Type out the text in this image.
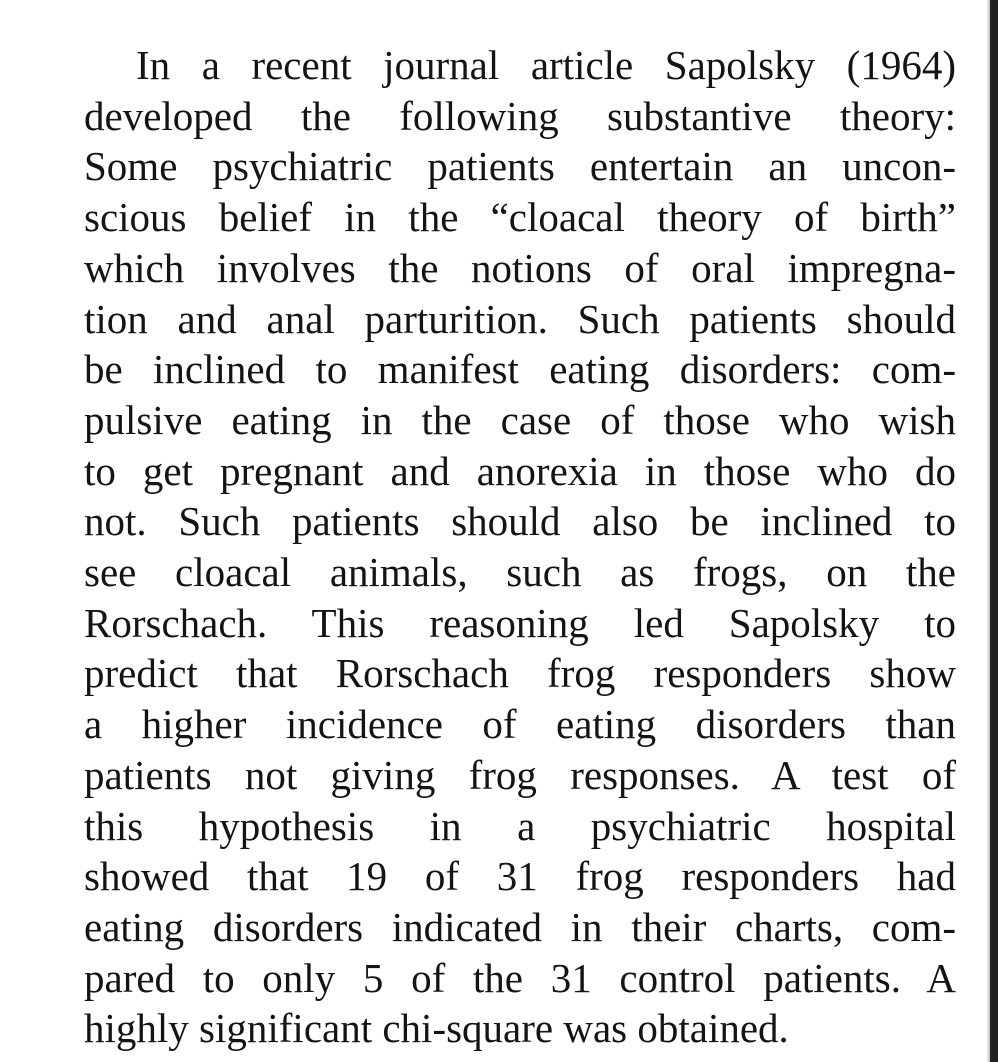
In a recent journal article Sapolsky (1964)
developed the following substantive theory:
Some psychiatric patients entertain an uncon-
scious belief in the “cloacal theory of birth”
which involves the notions of oral impregna-
tion and anal parturition. Such patients should
be inclined to manifest eating disorders: com-
pulsive eating in the case of those who wish
to get pregnant and anorexia in those who do
not. Such patients should also be inclined to
see cloacal animals, such as frogs, on the
Rorschach. This reasoning led Sapolsky to
predict that Rorschach frog responders show
a higher incidence of eating disorders than
patients not giving frog responses. A test of
this hypothesis in a psychiatric hospital
showed that 19 of 31 frog responders had
eating disorders indicated in their charts, com-
pared to only 5 of the 31 control patients. A
highly significant chi-square was obtained.
